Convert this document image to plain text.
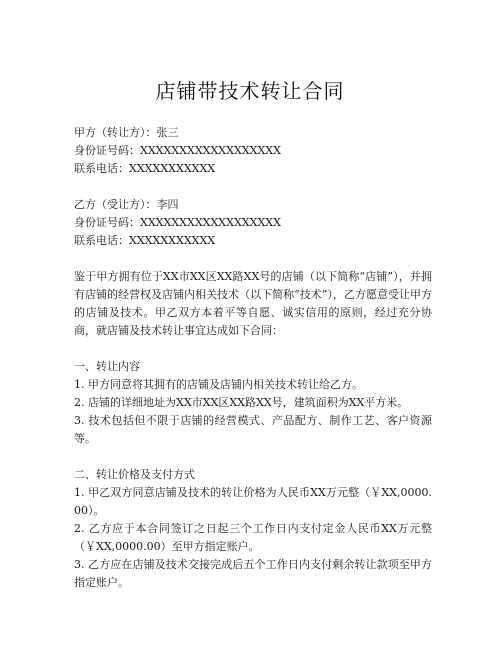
店铺带技术转让合同
甲方（转让方）：张三
身份证号码：XXXXXXXXXXXXXXXXXX
联系电话：XXXXXXXXXXX
乙方（受让方）：李四
身份证号码：XXXXXXXXXXXXXXXXXX
联系电话：XXXXXXXXXXX
鉴于甲方拥有位于XX市XX区XX路XX号的店铺（以下简称“店铺”），并拥有店铺的经营权及店铺内相关技术（以下简称“技术”），乙方愿意受让甲方的店铺及技术。甲乙双方本着平等自愿、诚实信用的原则，经过充分协商，就店铺及技术转让事宜达成如下合同：
一、转让内容
1. 甲方同意将其拥有的店铺及店铺内相关技术转让给乙方。
2. 店铺的详细地址为XX市XX区XX路XX号，建筑面积为XX平方米。
3. 技术包括但不限于店铺的经营模式、产品配方、制作工艺、客户资源等。
二、转让价格及支付方式
1. 甲乙双方同意店铺及技术的转让价格为人民币XX万元整（￥XX,0000.00）。
2. 乙方应于本合同签订之日起三个工作日内支付定金人民币XX万元整（￥XX,0000.00）至甲方指定账户。
3. 乙方应在店铺及技术交接完成后五个工作日内支付剩余转让款项至甲方指定账户。
